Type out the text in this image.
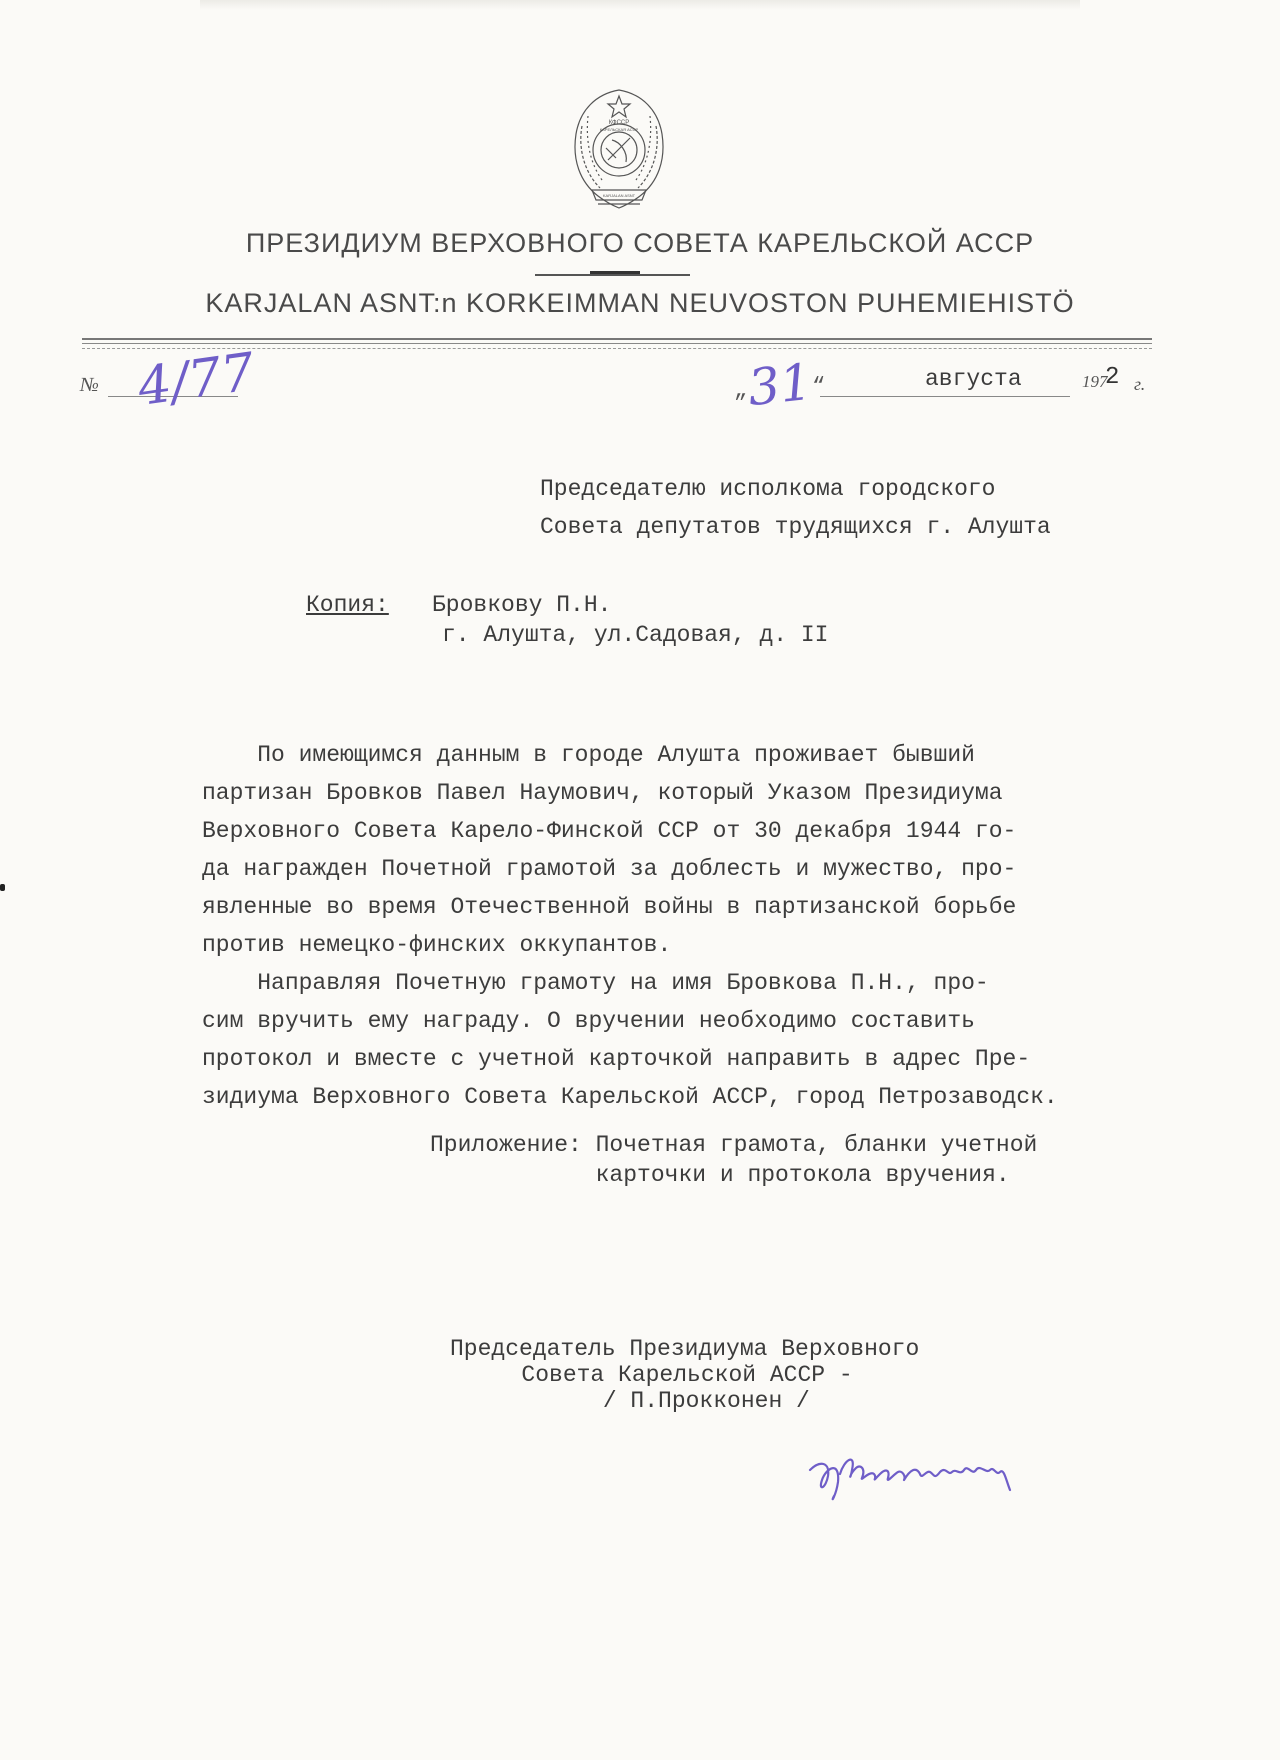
КФССР
КАРЕЛЬСКАЯ АССР
KARJALAN ASNT
ПРЕЗИДИУМ ВЕРХОВНОГО СОВЕТА КАРЕЛЬСКОЙ АССР
KARJALAN ASNT:n KORKEIMMAN NEUVOSTON PUHEMIEHISTÖ
№ 4/77	„
31
“	августа	197
2 г.
Председателю исполкома городского
Совета депутатов трудящихся г. Алушта
Копия: Бровкову П.Н.
г. Алушта, ул.Садовая, д. II
По имеющимся данным в городе Алушта проживает бывший
партизан Бровков Павел Наумович, который Указом Президиума
Верховного Совета Карело-Финской ССР от 30 декабря 1944 го-
да награжден Почетной грамотой за доблесть и мужество, про-
явленные во время Отечественной войны в партизанской борьбе
против немецко-финских оккупантов.
Направляя Почетную грамоту на имя Бровкова П.Н., про-
сим вручить ему награду. О вручении необходимо составить
протокол и вместе с учетной карточкой направить в адрес Пре-
зидиума Верховного Совета Карельской АССР, город Петрозаводск.
Приложение: Почетная грамота, бланки учетной
карточки и протокола вручения.
Председатель Президиума Верховного
Совета Карельской АССР -
/ П.Прокконен /
